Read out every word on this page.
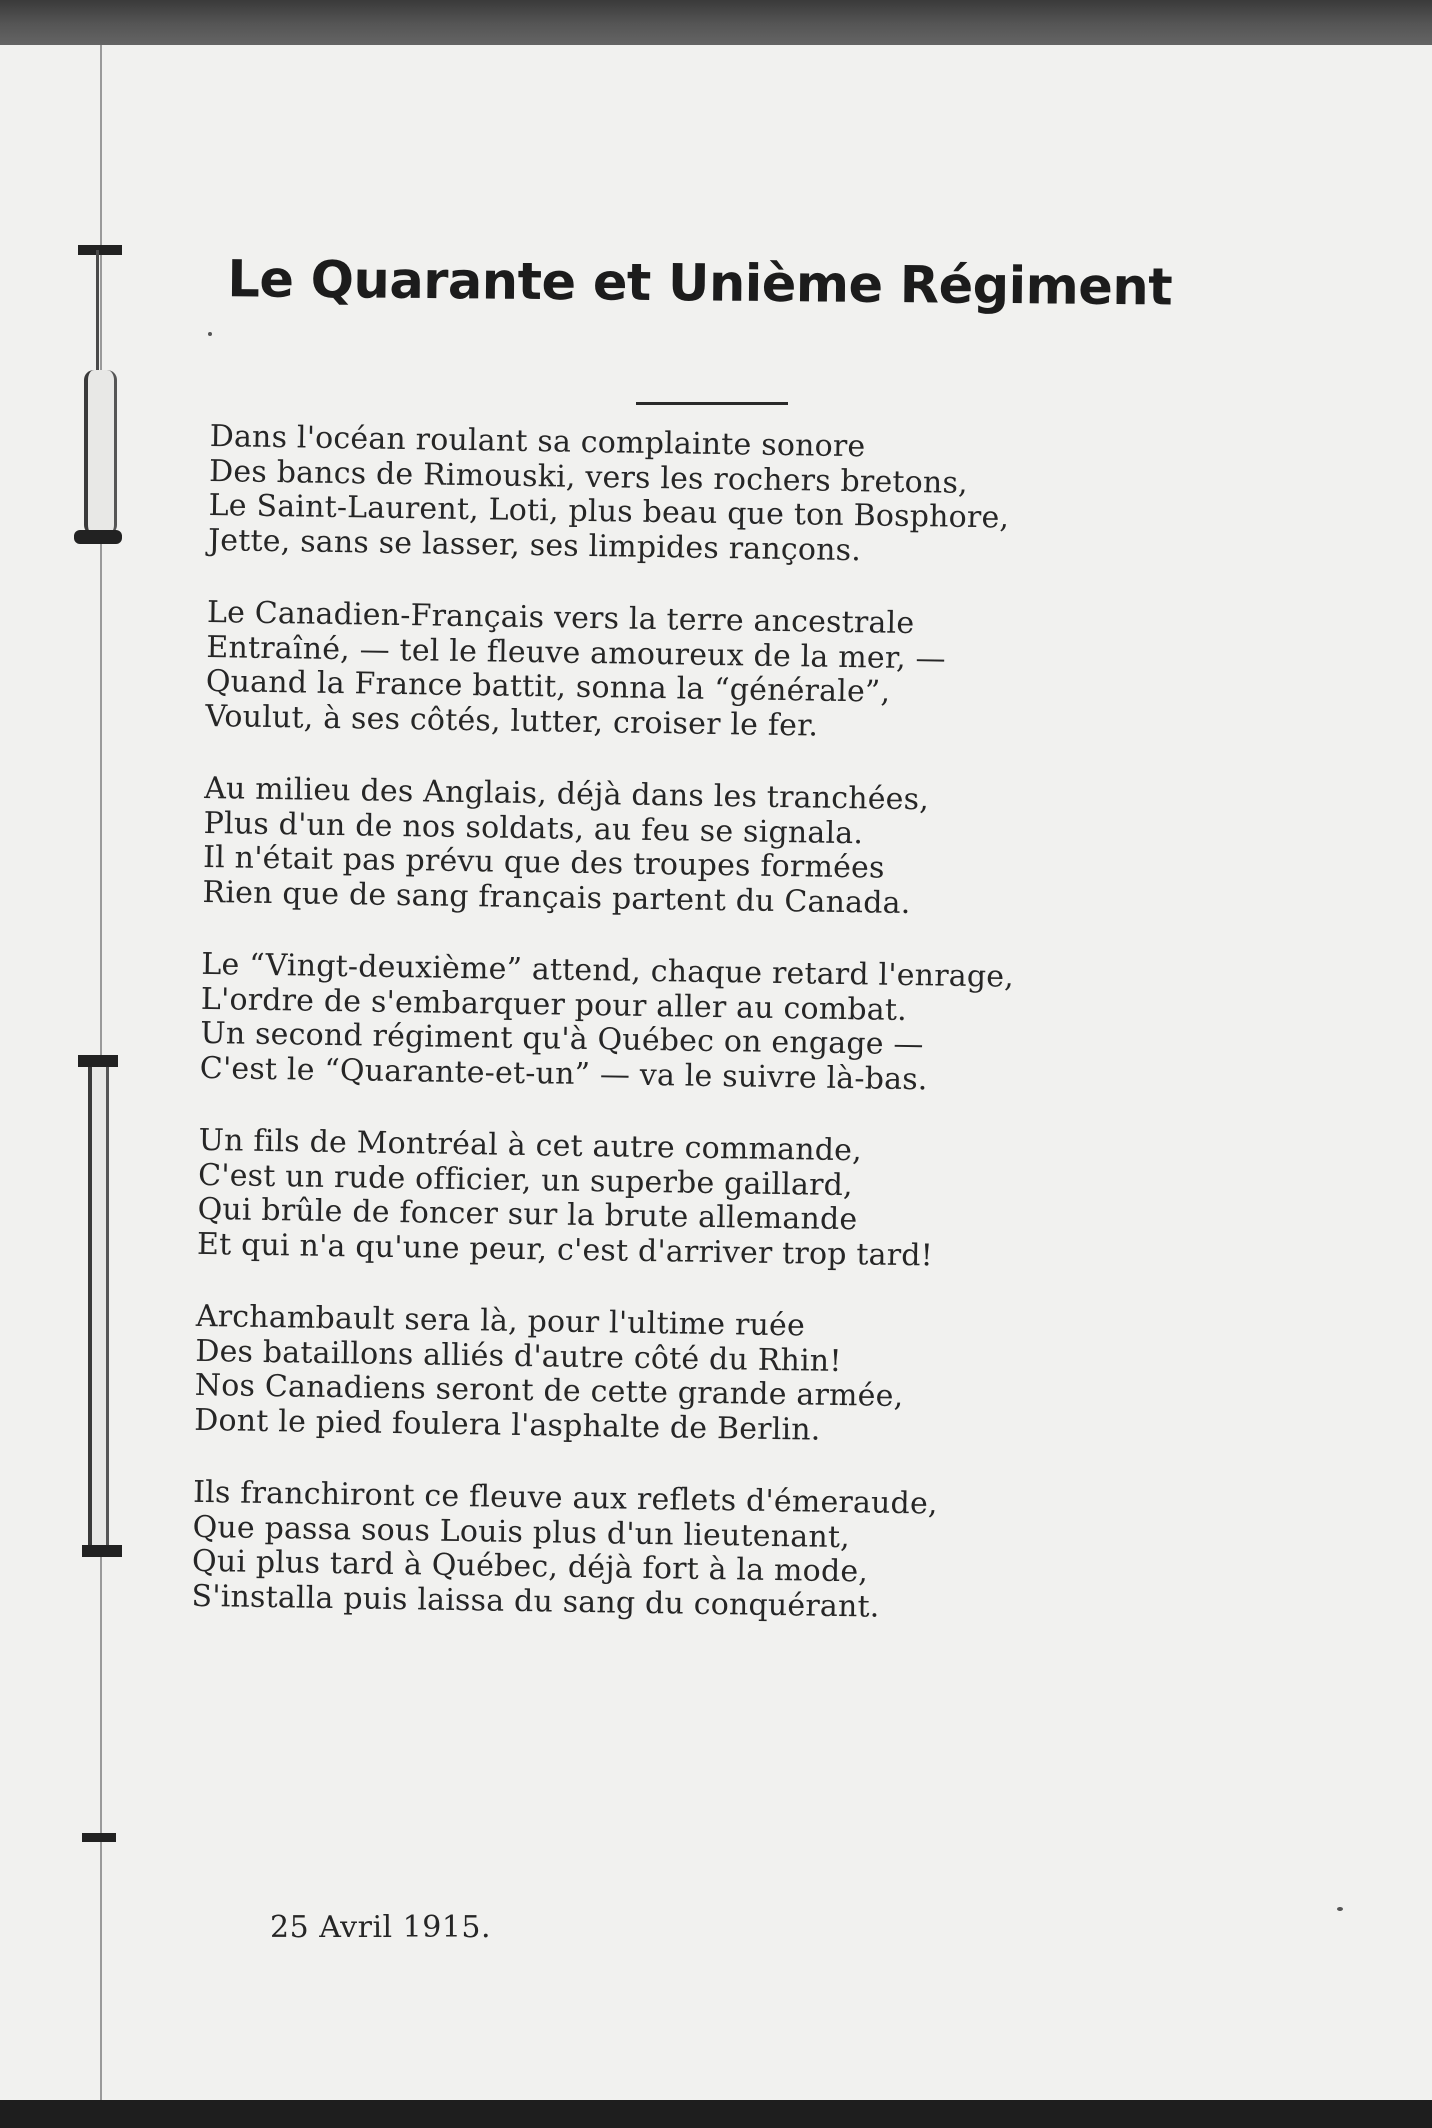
Le Quarante et Unième Régiment
Dans l'océan roulant sa complainte sonore
Des bancs de Rimouski, vers les rochers bretons,
Le Saint-Laurent, Loti, plus beau que ton Bosphore,
Jette, sans se lasser, ses limpides rançons.
Le Canadien-Français vers la terre ancestrale
Entraîné, — tel le fleuve amoureux de la mer, —
Quand la France battit, sonna la “générale”,
Voulut, à ses côtés, lutter, croiser le fer.
Au milieu des Anglais, déjà dans les tranchées,
Plus d'un de nos soldats, au feu se signala.
Il n'était pas prévu que des troupes formées
Rien que de sang français partent du Canada.
Le “Vingt-deuxième” attend, chaque retard l'enrage,
L'ordre de s'embarquer pour aller au combat.
Un second régiment qu'à Québec on engage —
C'est le “Quarante-et-un” — va le suivre là-bas.
Un fils de Montréal à cet autre commande,
C'est un rude officier, un superbe gaillard,
Qui brûle de foncer sur la brute allemande
Et qui n'a qu'une peur, c'est d'arriver trop tard!
Archambault sera là, pour l'ultime ruée
Des bataillons alliés d'autre côté du Rhin!
Nos Canadiens seront de cette grande armée,
Dont le pied foulera l'asphalte de Berlin.
Ils franchiront ce fleuve aux reflets d'émeraude,
Que passa sous Louis plus d'un lieutenant,
Qui plus tard à Québec, déjà fort à la mode,
S'installa puis laissa du sang du conquérant.
25 Avril 1915.
